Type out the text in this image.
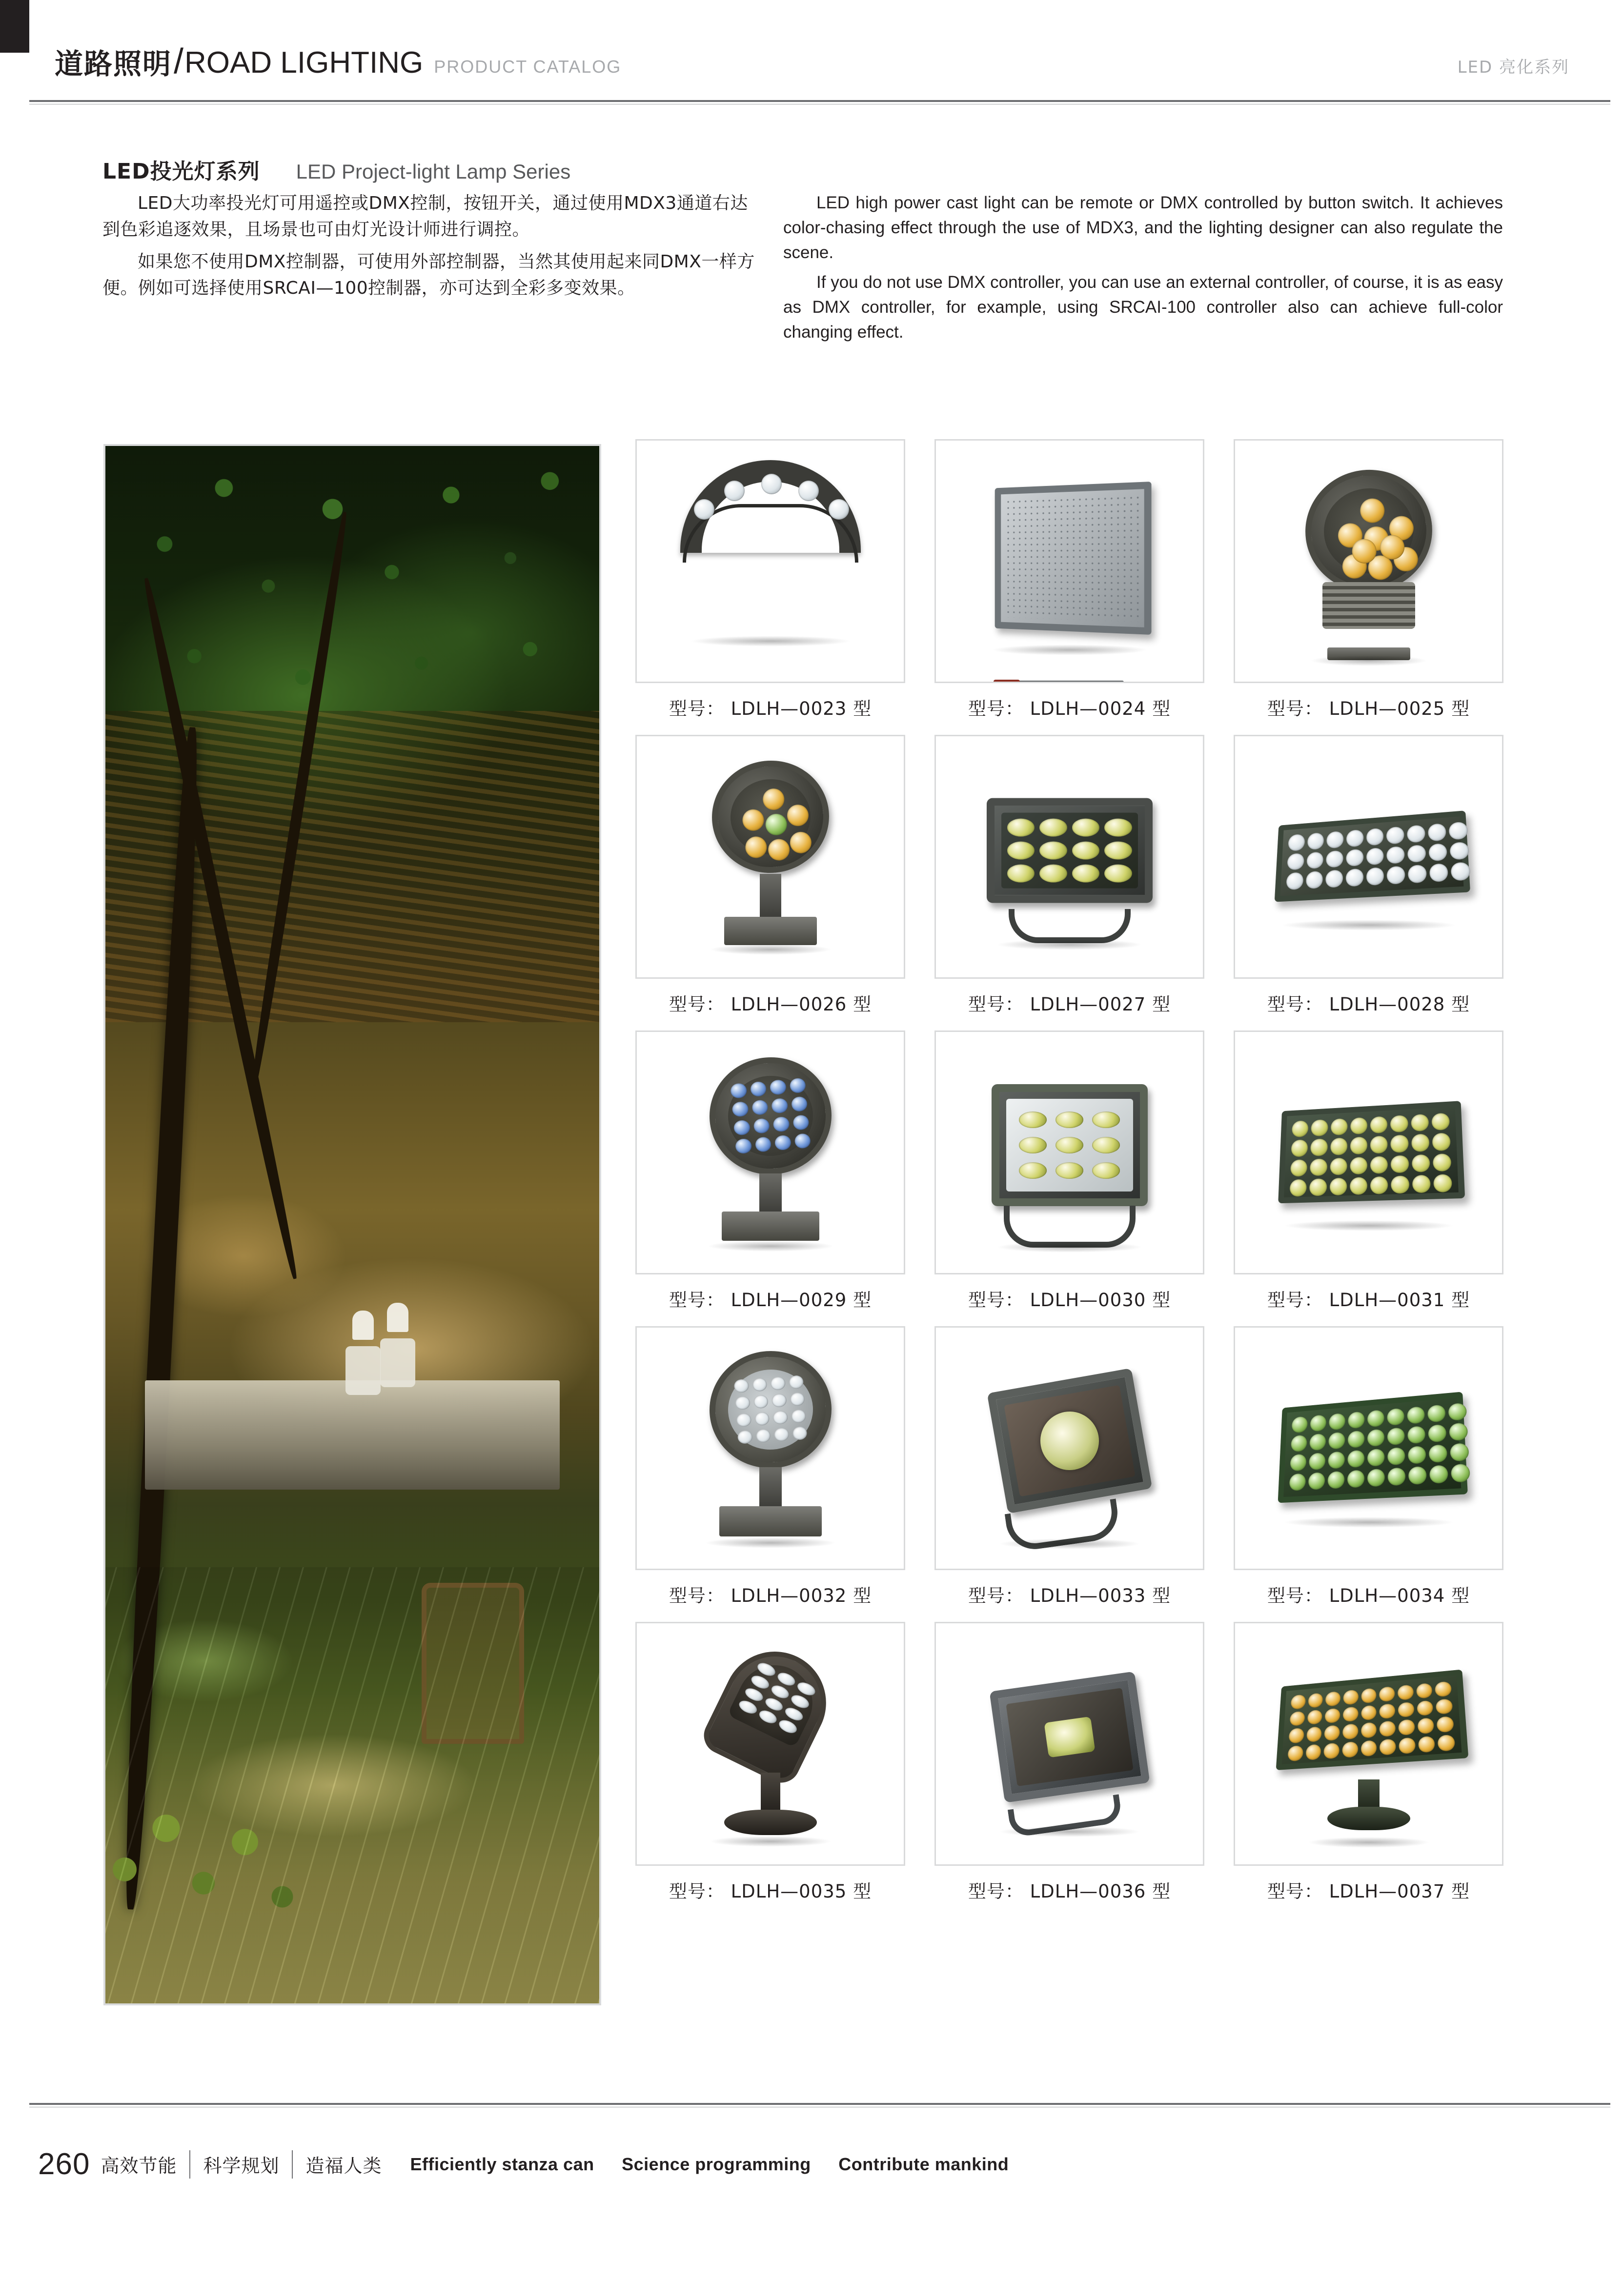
道路照明 / ROAD LIGHTING PRODUCT CATALOG	LED 亮化系列
LED投光灯系列 LED Project-light Lamp Series

LED大功率投光灯可用遥控或DMX控制，按钮开关，通过使用MDX3通道右达到色彩追逐效果，且场景也可由灯光设计师进行调控。

如果您不使用DMX控制器，可使用外部控制器，当然其使用起来同DMX一样方便。例如可选择使用SRCAI—100控制器，亦可达到全彩多变效果。

LED high power cast light can be remote or DMX controlled by button switch. It achieves color-chasing effect through the use of MDX3, and the lighting designer can also regulate the scene.

If you do not use DMX controller, you can use an external controller, of course, it is as easy as DMX controller, for example, using SRCAI-100 controller also can achieve full-color changing effect.

型号： LDLH—0023 型	型号： LDLH—0024 型	型号： LDLH—0025 型
型号： LDLH—0026 型	型号： LDLH—0027 型	型号： LDLH—0028 型
型号： LDLH—0029 型	型号： LDLH—0030 型	型号： LDLH—0031 型
型号： LDLH—0032 型	型号： LDLH—0033 型	型号： LDLH—0034 型
型号： LDLH—0035 型	型号： LDLH—0036 型	型号： LDLH—0037 型
260 高效节能 科学规划 造福人类 Efficiently stanza can Science programming Contribute mankind
